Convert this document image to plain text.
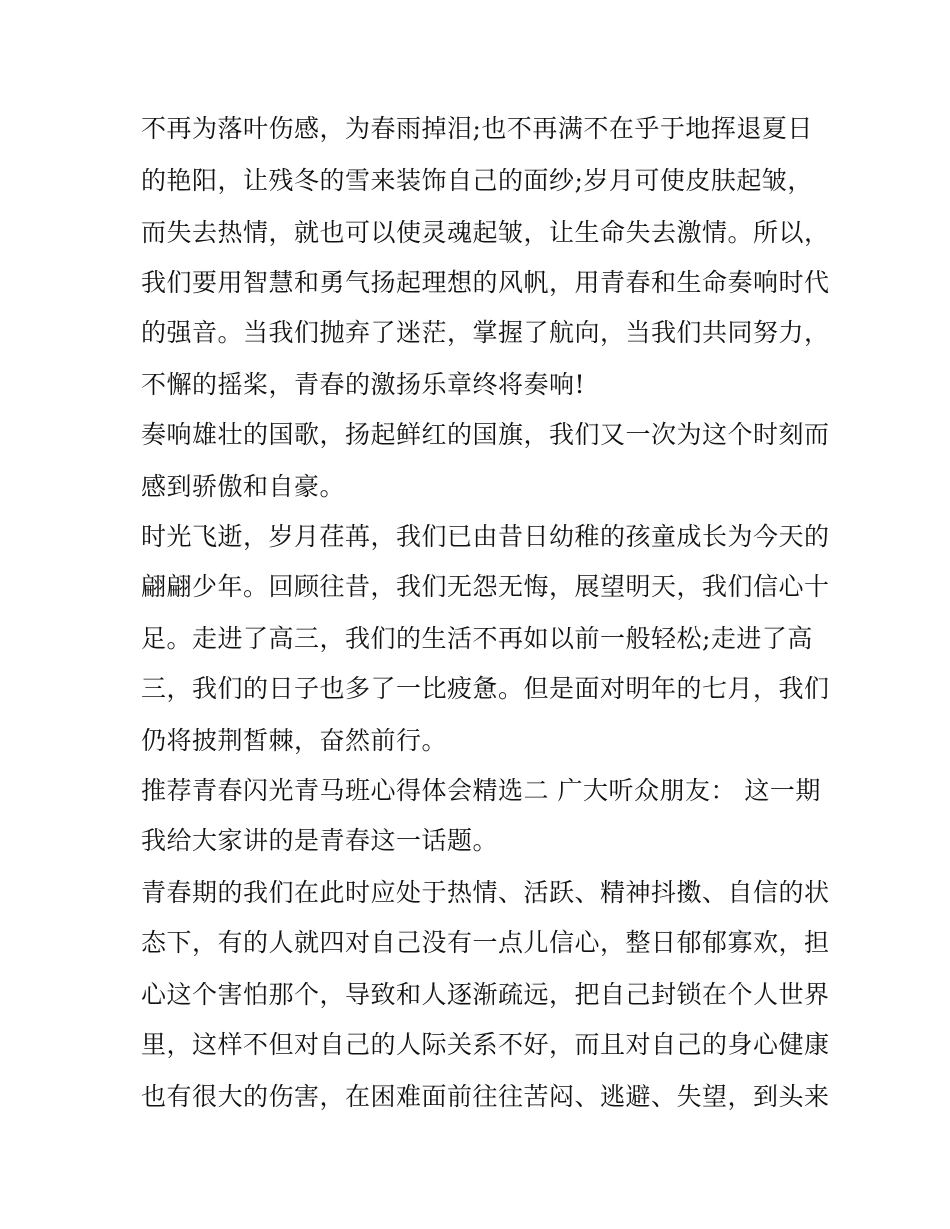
不再为落叶伤感，为春雨掉泪;也不再满不在乎于地挥退夏日
的艳阳，让残冬的雪来装饰自己的面纱;岁月可使皮肤起皱，
而失去热情，就也可以使灵魂起皱，让生命失去激情。所以，
我们要用智慧和勇气扬起理想的风帆，用青春和生命奏响时代
的强音。当我们抛弃了迷茫，掌握了航向，当我们共同努力，
不懈的摇桨，青春的激扬乐章终将奏响!
奏响雄壮的国歌，扬起鲜红的国旗，我们又一次为这个时刻而
感到骄傲和自豪。
时光飞逝，岁月荏苒，我们已由昔日幼稚的孩童成长为今天的
翩翩少年。回顾往昔，我们无怨无悔，展望明天，我们信心十
足。走进了高三，我们的生活不再如以前一般轻松;走进了高
三，我们的日子也多了一比疲惫。但是面对明年的七月，我们
仍将披荆皙棘，奋然前行。
推荐青春闪光青马班心得体会精选二 广大听众朋友： 这一期
我给大家讲的是青春这一话题。
青春期的我们在此时应处于热情、活跃、精神抖擞、自信的状
态下，有的人就四对自己没有一点儿信心，整日郁郁寡欢，担
心这个害怕那个，导致和人逐渐疏远，把自己封锁在个人世界
里，这样不但对自己的人际关系不好，而且对自己的身心健康
也有很大的伤害，在困难面前往往苦闷、逃避、失望，到头来
